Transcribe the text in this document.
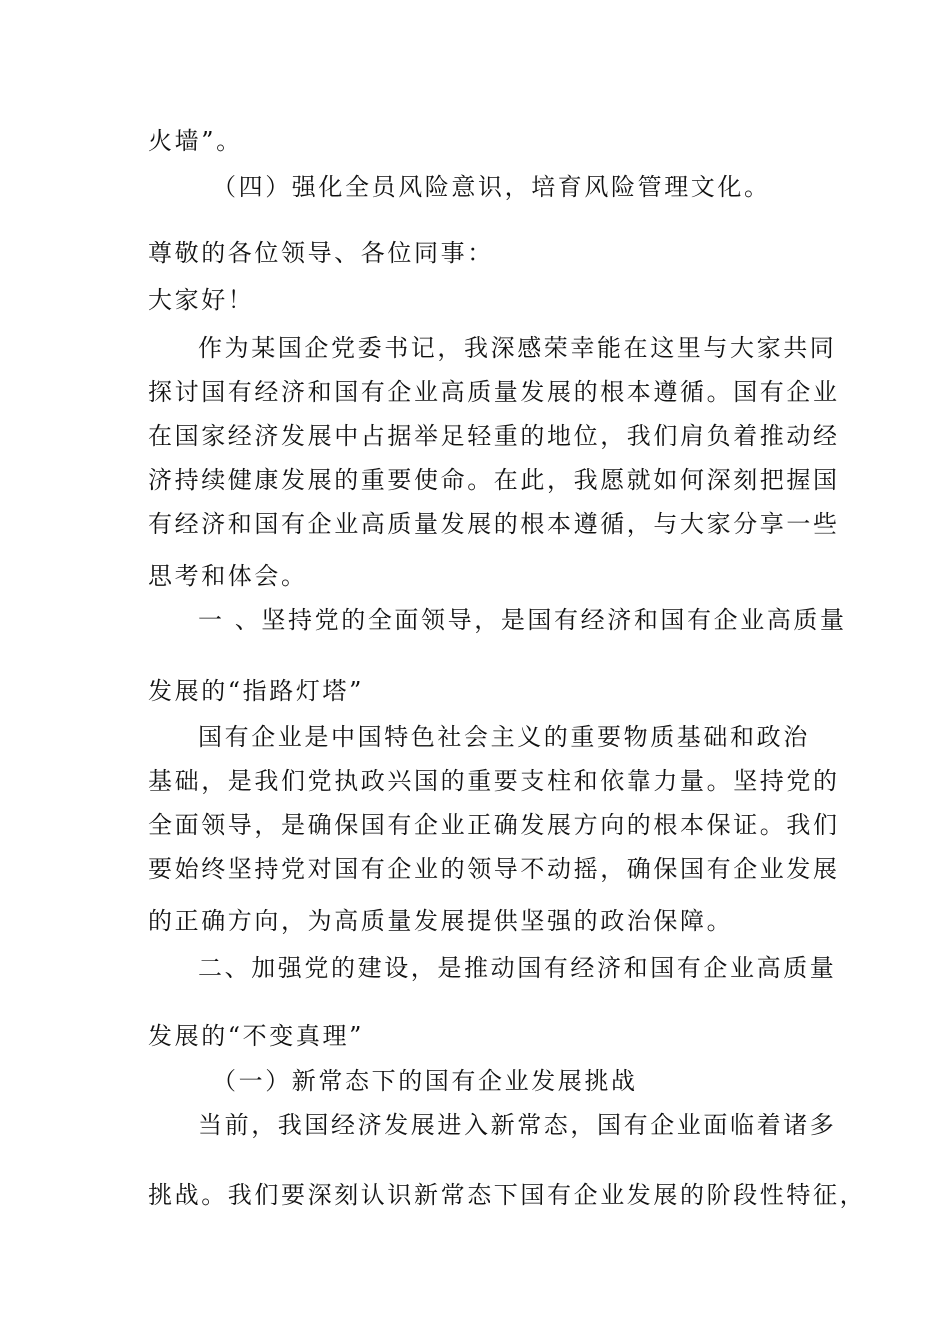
火墙”。
（四）强化全员风险意识，培育风险管理文化。
尊敬的各位领导、各位同事：
大家好！
作为某国企党委书记，我深感荣幸能在这里与大家共同
探讨国有经济和国有企业高质量发展的根本遵循。国有企业
在国家经济发展中占据举足轻重的地位，我们肩负着推动经
济持续健康发展的重要使命。在此，我愿就如何深刻把握国
有经济和国有企业高质量发展的根本遵循，与大家分享一些
思考和体会。
一 、坚持党的全面领导，是国有经济和国有企业高质量
发展的“指路灯塔”
国有企业是中国特色社会主义的重要物质基础和政治
基础，是我们党执政兴国的重要支柱和依靠力量。坚持党的
全面领导，是确保国有企业正确发展方向的根本保证。我们
要始终坚持党对国有企业的领导不动摇，确保国有企业发展
的正确方向，为高质量发展提供坚强的政治保障。
二、加强党的建设，是推动国有经济和国有企业高质量
发展的“不变真理”
（一）新常态下的国有企业发展挑战
当前，我国经济发展进入新常态，国有企业面临着诸多
挑战。我们要深刻认识新常态下国有企业发展的阶段性特征，
